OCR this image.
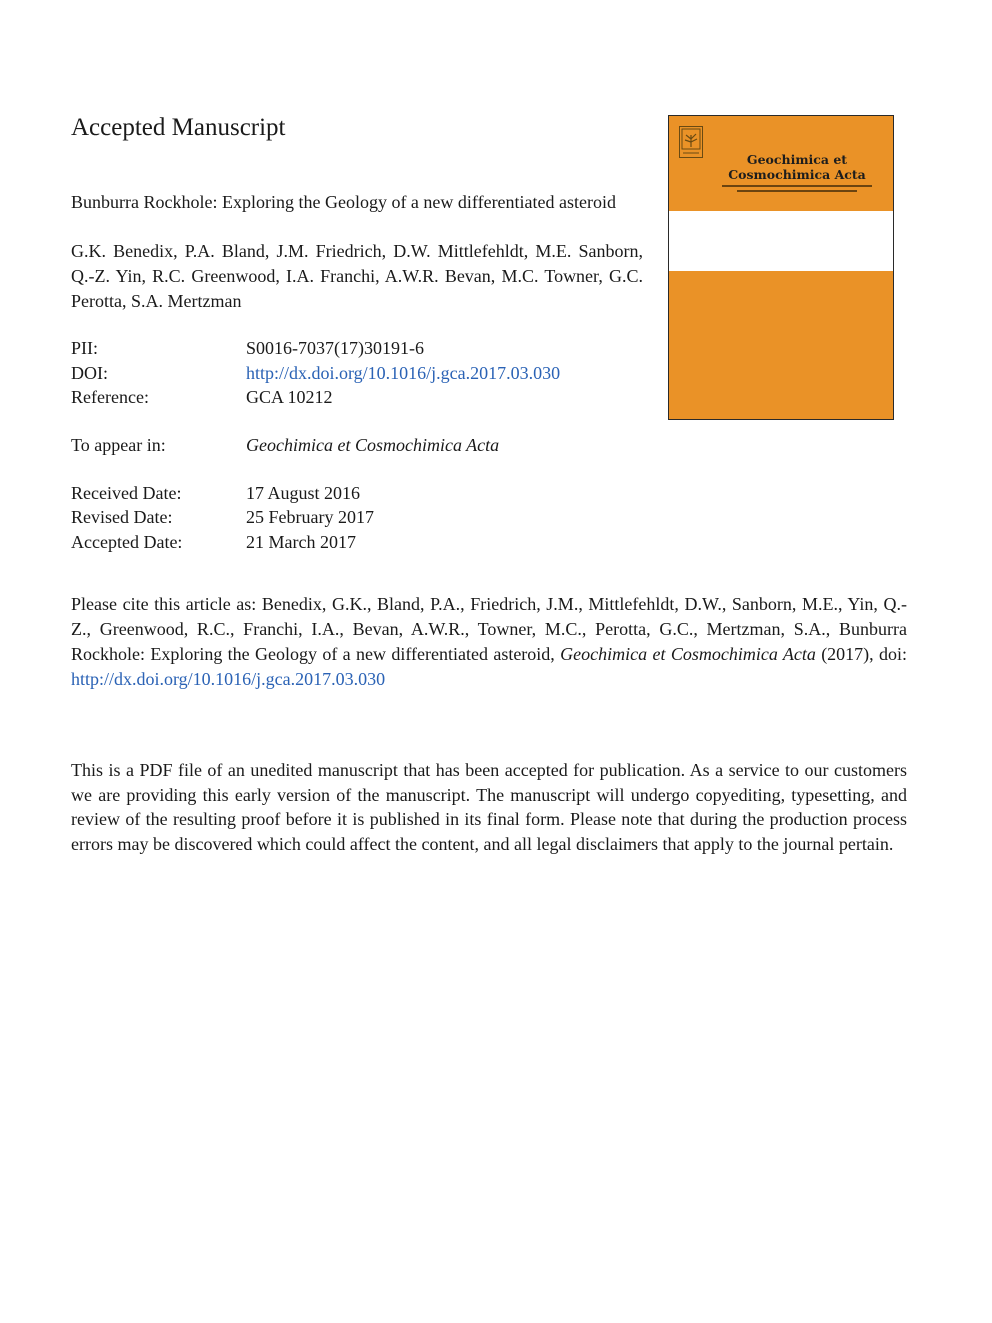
Accepted Manuscript
Bunburra Rockhole: Exploring the Geology of a new differentiated asteroid
G.K. Benedix, P.A. Bland, J.M. Friedrich, D.W. Mittlefehldt, M.E. Sanborn, Q.-Z. Yin, R.C. Greenwood, I.A. Franchi, A.W.R. Bevan, M.C. Towner, G.C. Perotta, S.A. Mertzman
PII:	S0016-7037(17)30191-6
DOI:	http://dx.doi.org/10.1016/j.gca.2017.03.030
Reference:	GCA 10212
To appear in:	Geochimica et Cosmochimica Acta
Received Date:	17 August 2016
Revised Date:	25 February 2017
Accepted Date:	21 March 2017
Please cite this article as: Benedix, G.K., Bland, P.A., Friedrich, J.M., Mittlefehldt, D.W., Sanborn, M.E., Yin, Q.-Z., Greenwood, R.C., Franchi, I.A., Bevan, A.W.R., Towner, M.C., Perotta, G.C., Mertzman, S.A., Bunburra Rockhole: Exploring the Geology of a new differentiated asteroid, Geochimica et Cosmochimica Acta (2017), doi: http://dx.doi.org/10.1016/j.gca.2017.03.030
This is a PDF file of an unedited manuscript that has been accepted for publication. As a service to our customers we are providing this early version of the manuscript. The manuscript will undergo copyediting, typesetting, and review of the resulting proof before it is published in its final form. Please note that during the production process errors may be discovered which could affect the content, and all legal disclaimers that apply to the journal pertain.
Geochimica et
Cosmochimica Acta
